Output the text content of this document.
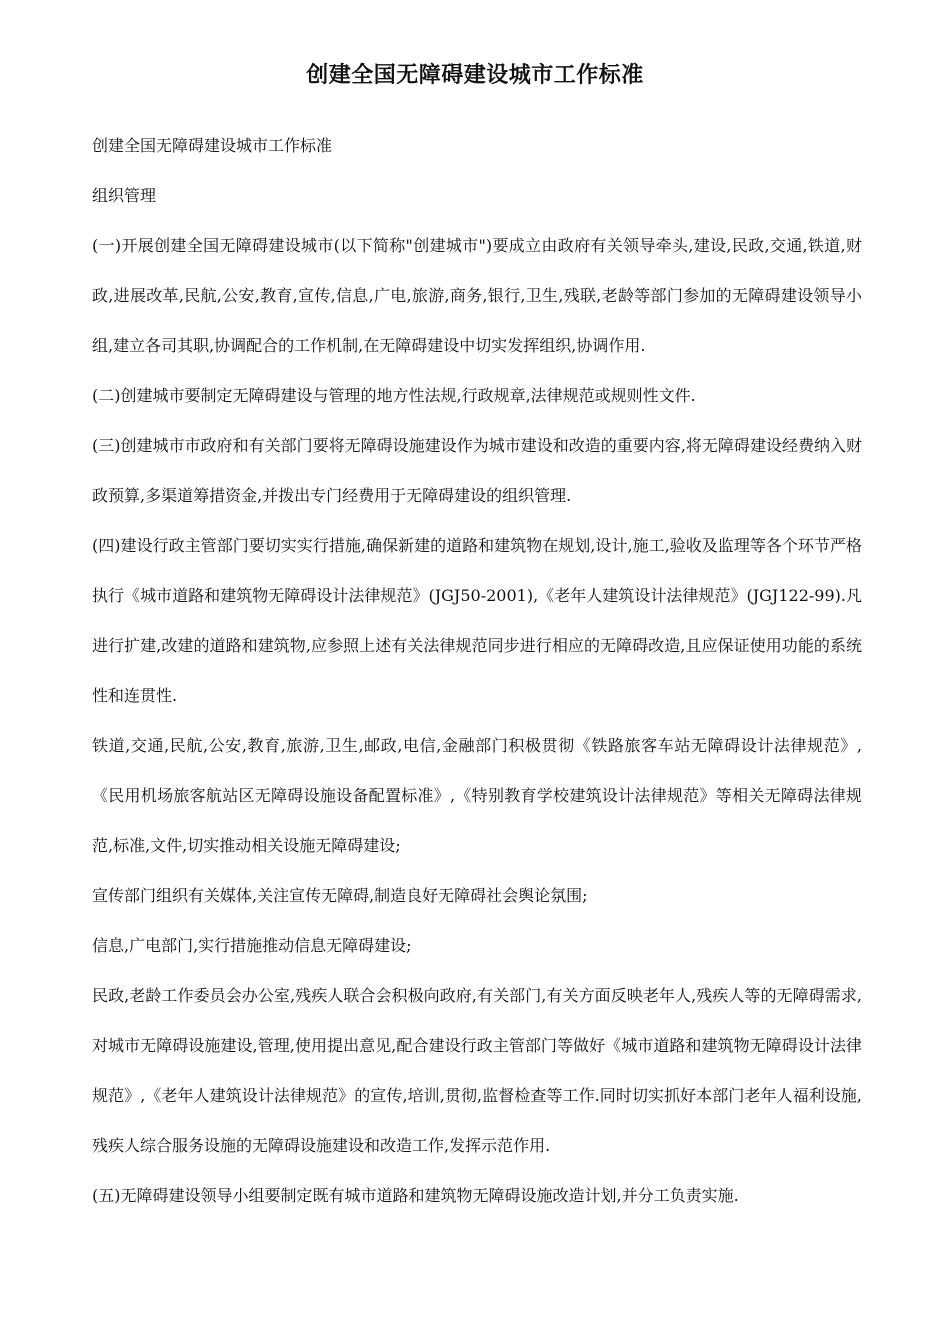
创建全国无障碍建设城市工作标准

创建全国无障碍建设城市工作标准

组织管理

(一)开展创建全国无障碍建设城市(以下简称"创建城市")要成立由政府有关领导牵头,建设,民政,交通,铁道,财政,进展改革,民航,公安,教育,宣传,信息,广电,旅游,商务,银行,卫生,残联,老龄等部门参加的无障碍建设领导小组,建立各司其职,协调配合的工作机制,在无障碍建设中切实发挥组织,协调作用.

(二)创建城市要制定无障碍建设与管理的地方性法规,行政规章,法律规范或规则性文件.

(三)创建城市市政府和有关部门要将无障碍设施建设作为城市建设和改造的重要内容,将无障碍建设经费纳入财政预算,多渠道筹措资金,并拨出专门经费用于无障碍建设的组织管理.

(四)建设行政主管部门要切实实行措施,确保新建的道路和建筑物在规划,设计,施工,验收及监理等各个环节严格执行《城市道路和建筑物无障碍设计法律规范》(JGJ50-2001),《老年人建筑设计法律规范》(JGJ122-99).凡进行扩建,改建的道路和建筑物,应参照上述有关法律规范同步进行相应的无障碍改造,且应保证使用功能的系统性和连贯性.

铁道,交通,民航,公安,教育,旅游,卫生,邮政,电信,金融部门积极贯彻《铁路旅客车站无障碍设计法律规范》,《民用机场旅客航站区无障碍设施设备配置标准》,《特别教育学校建筑设计法律规范》等相关无障碍法律规范,标准,文件,切实推动相关设施无障碍建设;

宣传部门组织有关媒体,关注宣传无障碍,制造良好无障碍社会舆论氛围;

信息,广电部门,实行措施推动信息无障碍建设;

民政,老龄工作委员会办公室,残疾人联合会积极向政府,有关部门,有关方面反映老年人,残疾人等的无障碍需求,对城市无障碍设施建设,管理,使用提出意见,配合建设行政主管部门等做好《城市道路和建筑物无障碍设计法律规范》,《老年人建筑设计法律规范》的宣传,培训,贯彻,监督检查等工作.同时切实抓好本部门老年人福利设施,残疾人综合服务设施的无障碍设施建设和改造工作,发挥示范作用.

(五)无障碍建设领导小组要制定既有城市道路和建筑物无障碍设施改造计划,并分工负责实施.
